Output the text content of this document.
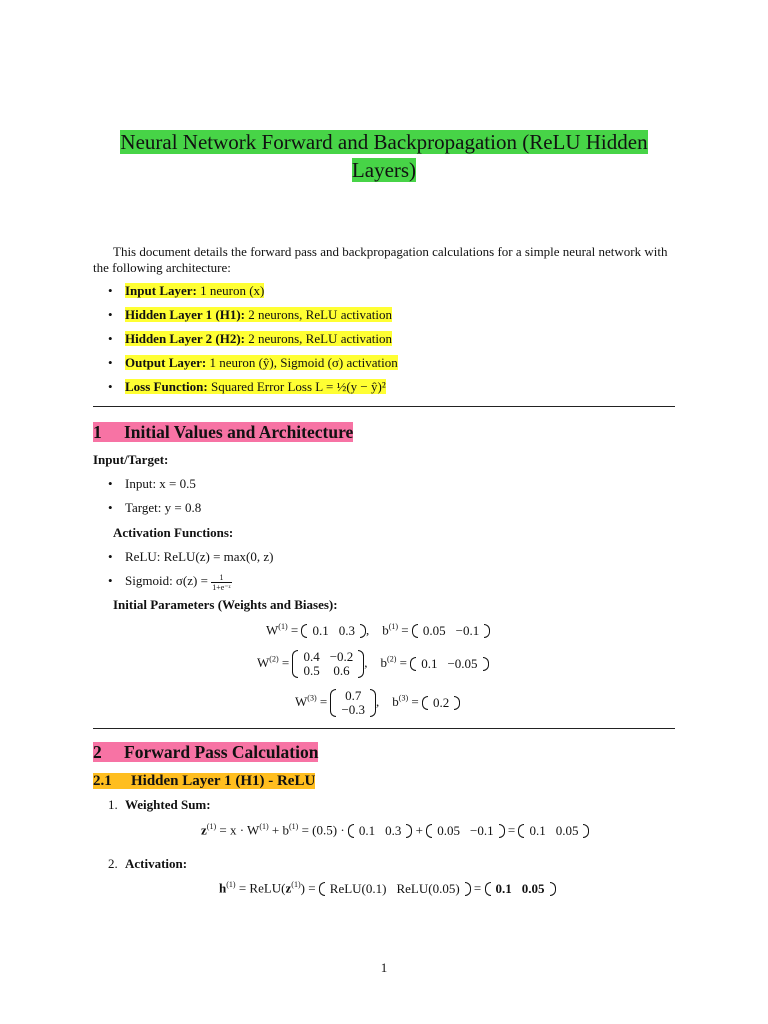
Neural Network Forward and Backpropagation (ReLU Hidden Layers)
This document details the forward pass and backpropagation calculations for a simple neural network with the following architecture:
• Input Layer: 1 neuron (x)
• Hidden Layer 1 (H1): 2 neurons, ReLU activation
• Hidden Layer 2 (H2): 2 neurons, ReLU activation
• Output Layer: 1 neuron (ŷ), Sigmoid (σ) activation
• Loss Function: Squared Error Loss L = ½(y − ŷ)²
1 Initial Values and Architecture
Input/Target:
• Input: x = 0.5
• Target: y = 0.8
Activation Functions:
• ReLU: ReLU(z) = max(0, z)
• Sigmoid: $\sigma(z) = \frac{1}{\text{1+e⁻ᶻ}}$
Initial Parameters (Weights and Biases):
$W^{(1)} = 0.1$	0.3 ,    $b^{(1)} = 0.05$	−0.1
$W^{(2)} = 0.4$	−0.2
0.5	0.6
,    $b^{(2)} = 0.1$	−0.05
$W^{(3)} = 0.7$
−0.3
,    $b^{(3)} = 0.2$
2 Forward Pass Calculation
2.1 Hidden Layer 1 (H1) - ReLU
1. Weighted Sum:
$z^{(1)} = x \cdot W^{(1)} + b^{(1)} = (0.5) \cdot 0.1$	0.3 + 0.05	−0.1 = 0.1	0.05
2. Activation:
$h^{(1)}$ = $ReLU(z^{(1)})$ = ReLU(0.1)	ReLU(0.05) = 0.1	0.05
1
